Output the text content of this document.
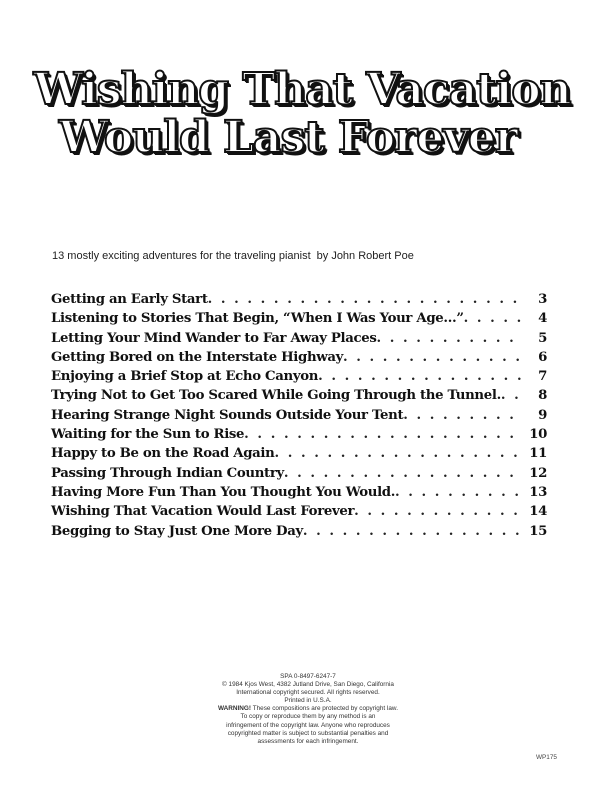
Wishing That Vacation
Would Last Forever
13 mostly exciting adventures for the traveling pianist by John Robert Poe
Getting an Early Start . . .	3
Listening to Stories That Begin, “When I Was Your Age…” . . .	4
Letting Your Mind Wander to Far Away Places . . .	5
Getting Bored on the Interstate Highway . . .	6
Enjoying a Brief Stop at Echo Canyon . . .	7
Trying Not to Get Too Scared While Going Through the Tunnel. . . .	8
Hearing Strange Night Sounds Outside Your Tent . . .	9
Waiting for the Sun to Rise . . .	10
Happy to Be on the Road Again . . .	11
Passing Through Indian Country . . .	12
Having More Fun Than You Thought You Would. . . .	13
Wishing That Vacation Would Last Forever . . .	14
Begging to Stay Just One More Day . . .	15
SPA 0-8497-6247-7
© 1984 Kjos West, 4382 Jutland Drive, San Diego, California
International copyright secured. All rights reserved.
Printed in U.S.A.
WARNING! These compositions are protected by copyright law.
To copy or reproduce them by any method is an
infringement of the copyright law. Anyone who reproduces
copyrighted matter is subject to substantial penalties and
assessments for each infringement.
WP175
